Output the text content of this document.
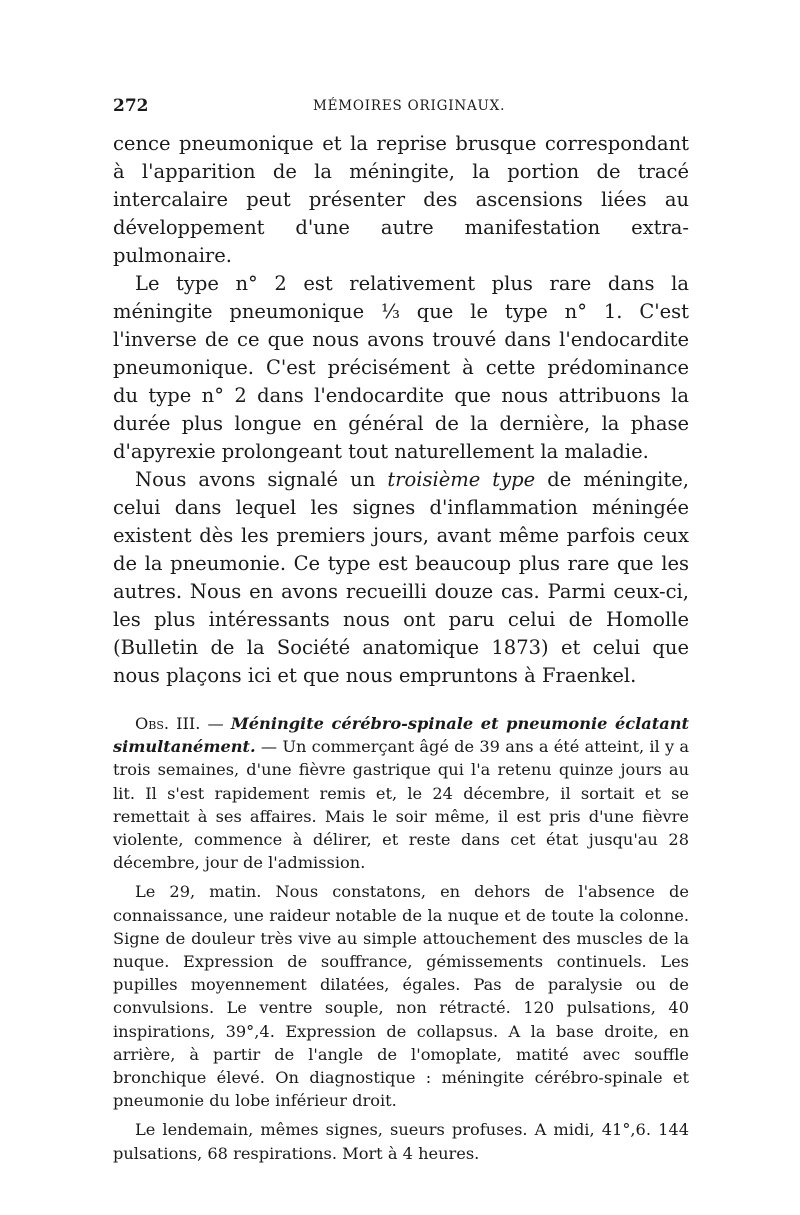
272	MÉMOIRES ORIGINAUX.

cence pneumonique et la reprise brusque correspondant à l'apparition de la méningite, la portion de tracé intercalaire peut présenter des ascensions liées au développement d'une autre manifestation extra-pulmonaire.

Le type n° 2 est relativement plus rare dans la méningite pneumonique ¹⁄₃ que le type n° 1. C'est l'inverse de ce que nous avons trouvé dans l'endocardite pneumonique. C'est précisément à cette prédominance du type n° 2 dans l'endocardite que nous attribuons la durée plus longue en général de la dernière, la phase d'apyrexie prolongeant tout naturellement la maladie.

Nous avons signalé un troisième type de méningite, celui dans lequel les signes d'inflammation méningée existent dès les premiers jours, avant même parfois ceux de la pneumonie. Ce type est beaucoup plus rare que les autres. Nous en avons recueilli douze cas. Parmi ceux-ci, les plus intéressants nous ont paru celui de Homolle (Bulletin de la Société anatomique 1873) et celui que nous plaçons ici et que nous empruntons à Fraenkel.

Obs. III. — Méningite cérébro-spinale et pneumonie éclatant simultanément. — Un commerçant âgé de 39 ans a été atteint, il y a trois semaines, d'une fièvre gastrique qui l'a retenu quinze jours au lit. Il s'est rapidement remis et, le 24 décembre, il sortait et se remettait à ses affaires. Mais le soir même, il est pris d'une fièvre violente, commence à délirer, et reste dans cet état jusqu'au 28 décembre, jour de l'admission.

Le 29, matin. Nous constatons, en dehors de l'absence de connaissance, une raideur notable de la nuque et de toute la colonne. Signe de douleur très vive au simple attouchement des muscles de la nuque. Expression de souffrance, gémissements continuels. Les pupilles moyennement dilatées, égales. Pas de paralysie ou de convulsions. Le ventre souple, non rétracté. 120 pulsations, 40 inspirations, 39°,4. Expression de collapsus. A la base droite, en arrière, à partir de l'angle de l'omoplate, matité avec souffle bronchique élevé. On diagnostique : méningite cérébro-spinale et pneumonie du lobe inférieur droit.

Le lendemain, mêmes signes, sueurs profuses. A midi, 41°,6. 144 pulsations, 68 respirations. Mort à 4 heures.
